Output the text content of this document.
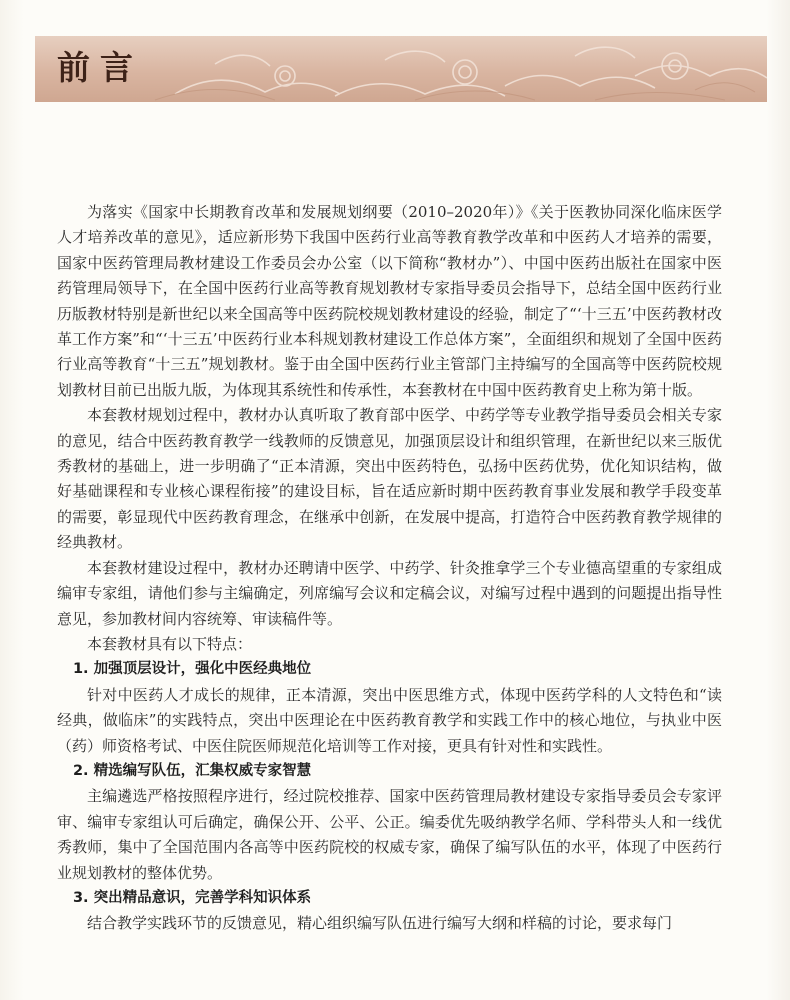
前言

为落实《国家中长期教育改革和发展规划纲要（2010–2020年）》《关于医教协同深化临床医学人才培养改革的意见》，适应新形势下我国中医药行业高等教育教学改革和中医药人才培养的需要，国家中医药管理局教材建设工作委员会办公室（以下简称“教材办”）、中国中医药出版社在国家中医药管理局领导下，在全国中医药行业高等教育规划教材专家指导委员会指导下，总结全国中医药行业历版教材特别是新世纪以来全国高等中医药院校规划教材建设的经验，制定了“‘十三五’中医药教材改革工作方案”和“‘十三五’中医药行业本科规划教材建设工作总体方案”，全面组织和规划了全国中医药行业高等教育“十三五”规划教材。鉴于由全国中医药行业主管部门主持编写的全国高等中医药院校规划教材目前已出版九版，为体现其系统性和传承性，本套教材在中国中医药教育史上称为第十版。

本套教材规划过程中，教材办认真听取了教育部中医学、中药学等专业教学指导委员会相关专家的意见，结合中医药教育教学一线教师的反馈意见，加强顶层设计和组织管理，在新世纪以来三版优秀教材的基础上，进一步明确了“正本清源，突出中医药特色，弘扬中医药优势，优化知识结构，做好基础课程和专业核心课程衔接”的建设目标，旨在适应新时期中医药教育事业发展和教学手段变革的需要，彰显现代中医药教育理念，在继承中创新，在发展中提高，打造符合中医药教育教学规律的经典教材。

本套教材建设过程中，教材办还聘请中医学、中药学、针灸推拿学三个专业德高望重的专家组成编审专家组，请他们参与主编确定，列席编写会议和定稿会议，对编写过程中遇到的问题提出指导性意见，参加教材间内容统筹、审读稿件等。

本套教材具有以下特点：

1. 加强顶层设计，强化中医经典地位

针对中医药人才成长的规律，正本清源，突出中医思维方式，体现中医药学科的人文特色和“读经典，做临床”的实践特点，突出中医理论在中医药教育教学和实践工作中的核心地位，与执业中医（药）师资格考试、中医住院医师规范化培训等工作对接，更具有针对性和实践性。

2. 精选编写队伍，汇集权威专家智慧

主编遴选严格按照程序进行，经过院校推荐、国家中医药管理局教材建设专家指导委员会专家评审、编审专家组认可后确定，确保公开、公平、公正。编委优先吸纳教学名师、学科带头人和一线优秀教师，集中了全国范围内各高等中医药院校的权威专家，确保了编写队伍的水平，体现了中医药行业规划教材的整体优势。

3. 突出精品意识，完善学科知识体系

结合教学实践环节的反馈意见，精心组织编写队伍进行编写大纲和样稿的讨论，要求每门
